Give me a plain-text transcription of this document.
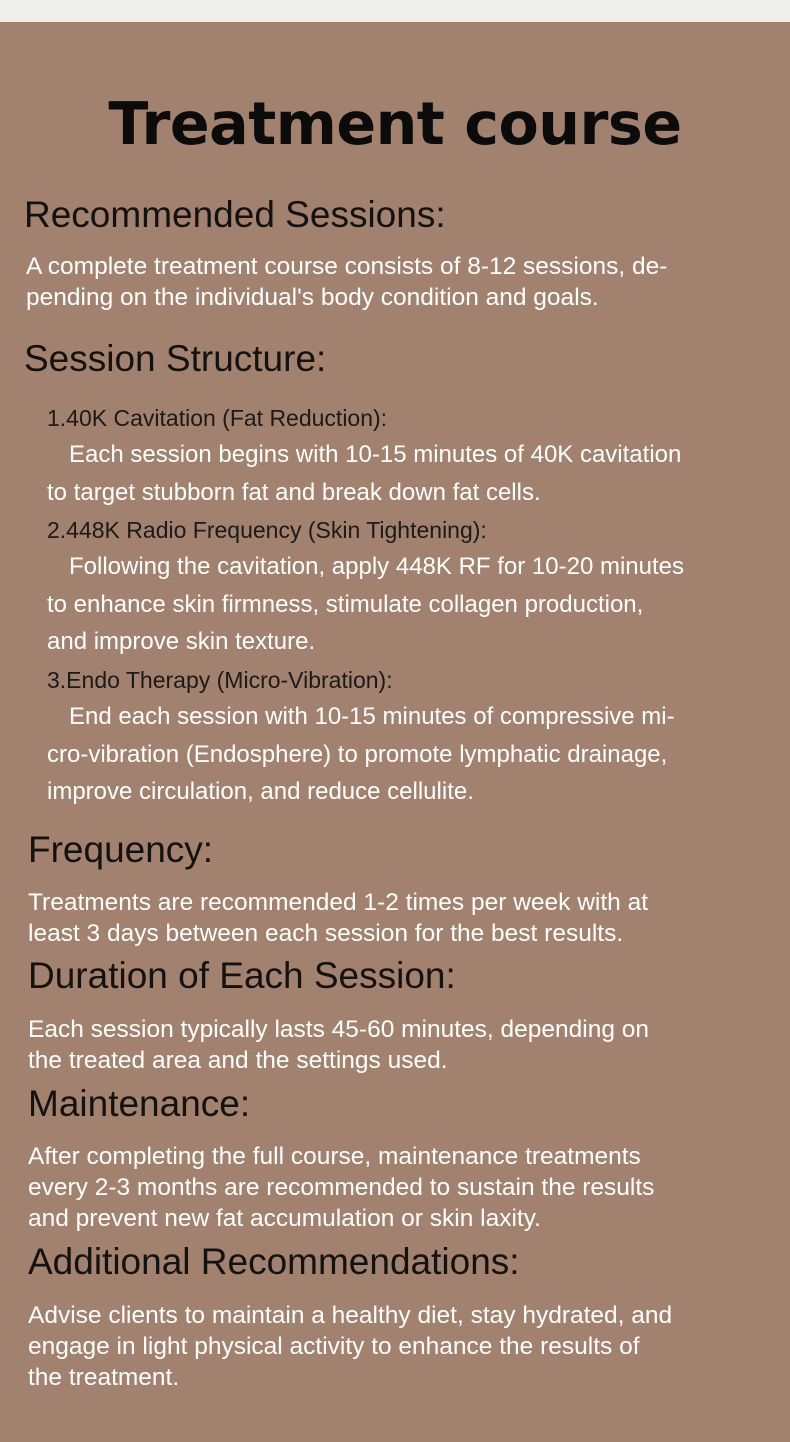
Treatment course
Recommended Sessions:
A complete treatment course consists of 8-12 sessions, de-
pending on the individual's body condition and goals.
Session Structure:
1.40K Cavitation (Fat Reduction):
Each session begins with 10-15 minutes of 40K cavitation
to target stubborn fat and break down fat cells.
2.448K Radio Frequency (Skin Tightening):
Following the cavitation, apply 448K RF for 10-20 minutes
to enhance skin firmness, stimulate collagen production,
and improve skin texture.
3.Endo Therapy (Micro-Vibration):
End each session with 10-15 minutes of compressive mi-
cro-vibration (Endosphere) to promote lymphatic drainage,
improve circulation, and reduce cellulite.
Frequency:
Treatments are recommended 1-2 times per week with at
least 3 days between each session for the best results.
Duration of Each Session:
Each session typically lasts 45-60 minutes, depending on
the treated area and the settings used.
Maintenance:
After completing the full course, maintenance treatments
every 2-3 months are recommended to sustain the results
and prevent new fat accumulation or skin laxity.
Additional Recommendations:
Advise clients to maintain a healthy diet, stay hydrated, and
engage in light physical activity to enhance the results of
the treatment.
